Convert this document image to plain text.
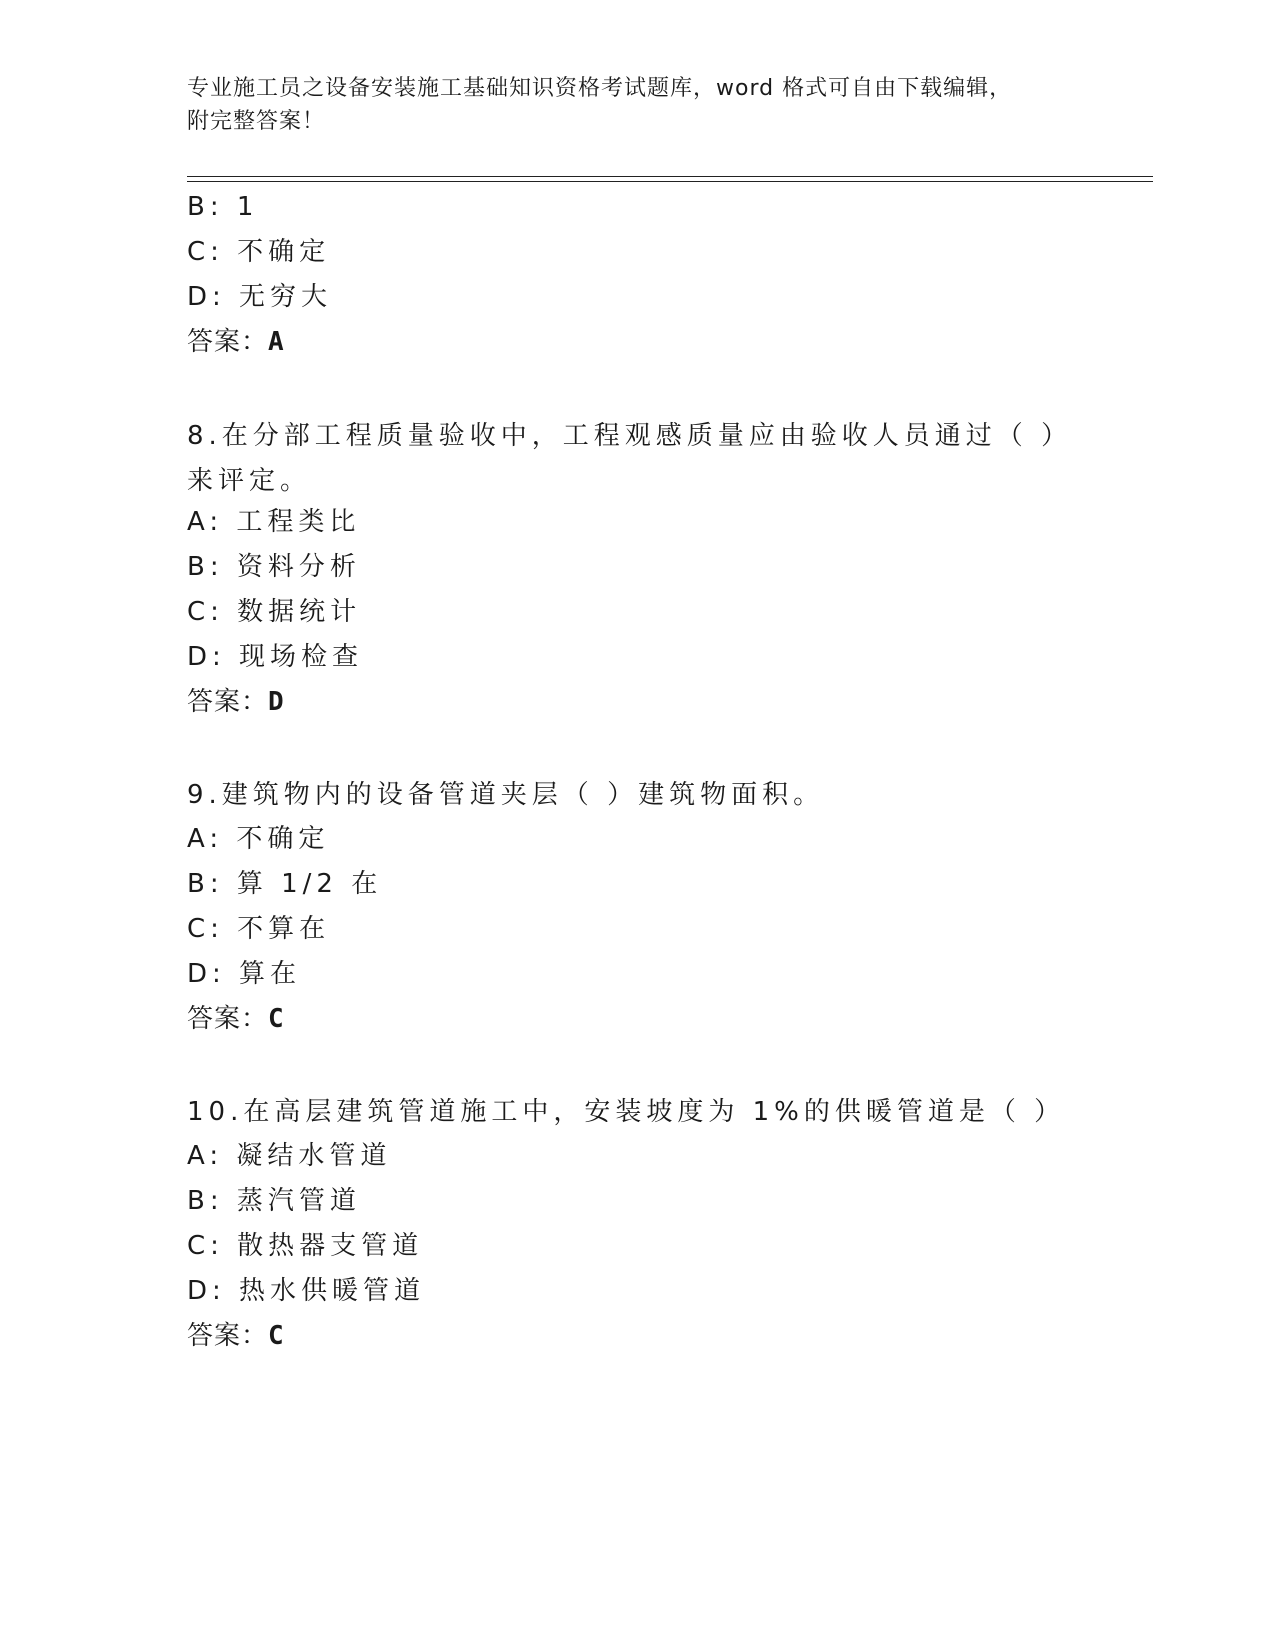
专业施工员之设备安装施工基础知识资格考试题库，word 格式可自由下载编辑，
附完整答案！
B: 1
C: 不确定
D: 无穷大
答案：A
8.在分部工程质量验收中，工程观感质量应由验收人员通过（ ）来评定。
A: 工程类比
B: 资料分析
C: 数据统计
D: 现场检查
答案：D
9.建筑物内的设备管道夹层（ ）建筑物面积。
A: 不确定
B: 算 1/2 在
C: 不算在
D: 算在
答案：C
10.在高层建筑管道施工中，安装坡度为 1%的供暖管道是（ ）
A: 凝结水管道
B: 蒸汽管道
C: 散热器支管道
D: 热水供暖管道
答案：C
